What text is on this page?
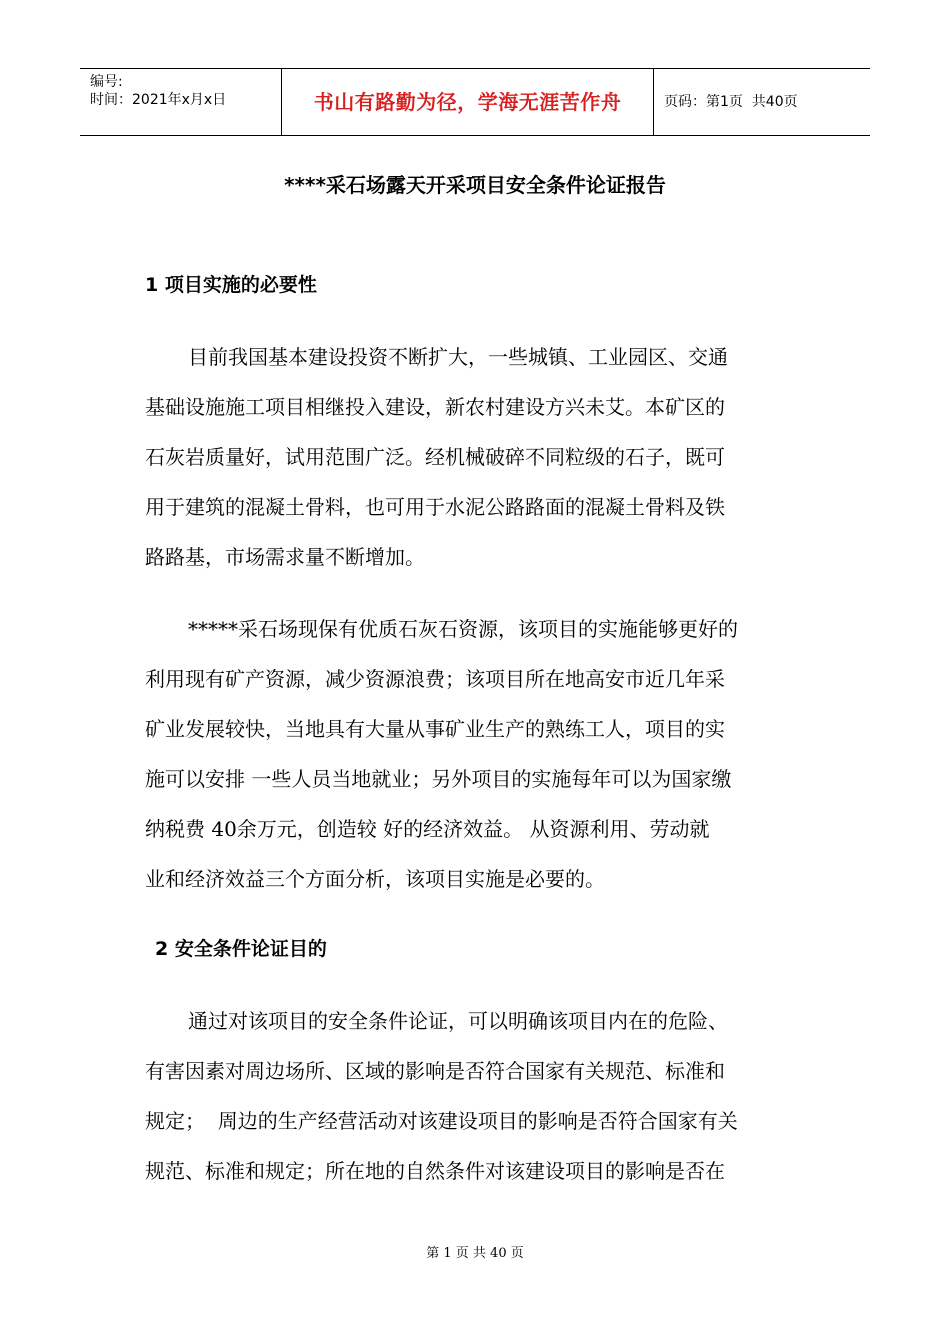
编号:
时间：2021年x月x日	书山有路勤为径，学海无涯苦作舟	页码：第1页  共40页
****采石场露天开采项目安全条件论证报告
1 项目实施的必要性
目前我国基本建设投资不断扩大，一些城镇、工业园区、交通
基础设施施工项目相继投入建设，新农村建设方兴未艾。本矿区的
石灰岩质量好，试用范围广泛。经机械破碎不同粒级的石子，既可
用于建筑的混凝土骨料，也可用于水泥公路路面的混凝土骨料及铁
路路基，市场需求量不断增加。
*****采石场现保有优质石灰石资源，该项目的实施能够更好的
利用现有矿产资源，减少资源浪费；该项目所在地高安市近几年采
矿业发展较快，当地具有大量从事矿业生产的熟练工人，项目的实
施可以安排 一些人员当地就业；另外项目的实施每年可以为国家缴
纳税费 40余万元，创造较 好的经济效益。 从资源利用、劳动就
业和经济效益三个方面分析，该项目实施是必要的。
2 安全条件论证目的
通过对该项目的安全条件论证，可以明确该项目内在的危险、
有害因素对周边场所、区域的影响是否符合国家有关规范、标准和
规定；  周边的生产经营活动对该建设项目的影响是否符合国家有关
规范、标准和规定；所在地的自然条件对该建设项目的影响是否在
第 1 页 共 40 页
